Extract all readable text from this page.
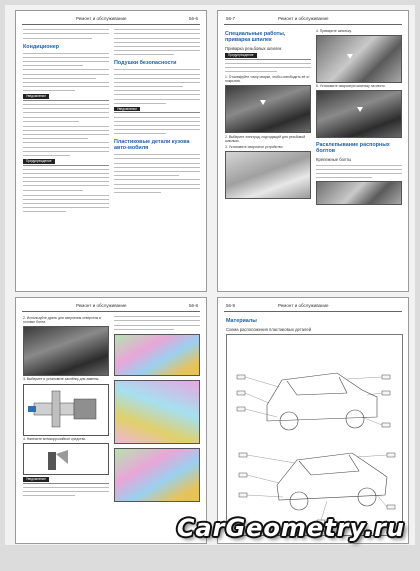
Ремонт и обслуживание	56-6
Кондиционер
Уведомление
Предупреждение
Подушки безопасности
Уведомление
Пластиковые детали кузова авто-мобиля
56-7	Ремонт и обслуживание
Специальные работы, приварка шпилек
Приварка резьбовых шпилек
Предупреждение
1. Отшлифуйте точку сварки, чтобы освободить её от покрытия.
2. Выберите электрод, подходящий для резьбовой шпильки.
3. Установите сварочное устройство.
4. Приварите шпильку.
5. Установите сварочную шпильку на место.
Расклепывание распорных болтов
Крепежные болты
Ремонт и обслуживание	56-8
2. Используйте дрель для сверления отверстия в головке болта.
3. Выберите и установите заклёпку для замены.
4. Нанесите антикоррозийное средство.
Уведомление
56-9	Ремонт и обслуживание
Материалы
Схема расположения пластиковых деталей
CarGeometry.ru
